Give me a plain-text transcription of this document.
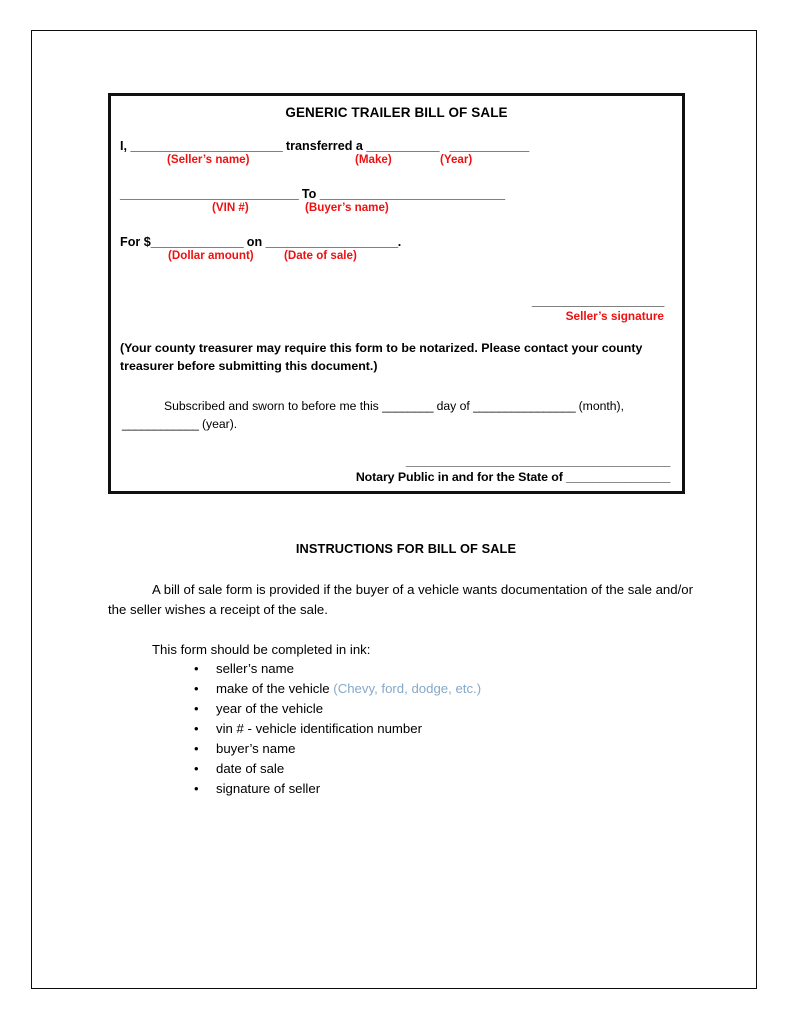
GENERIC TRAILER BILL OF SALE
I, _______________________ transferred a ___________ ____________
(Seller’s name)	(Make)	(Year)
___________________________ To ____________________________
(VIN #)	(Buyer’s name)
For $______________ on ____________________.
(Dollar amount)	(Date of sale)
____________________
Seller’s signature
(Your county treasurer may require this form to be notarized. Please contact your county treasurer before submitting this document.)
Subscribed and sworn to before me this ________ day of ________________ (month), ____________ (year).
_________________________________________
Notary Public in and for the State of ________________
INSTRUCTIONS FOR BILL OF SALE
A bill of sale form is provided if the buyer of a vehicle wants documentation of the sale and/or the seller wishes a receipt of the sale.
This form should be completed in ink:
• seller’s name
• make of the vehicle (Chevy, ford, dodge, etc.)
• year of the vehicle
• vin # - vehicle identification number
• buyer’s name
• date of sale
• signature of seller
